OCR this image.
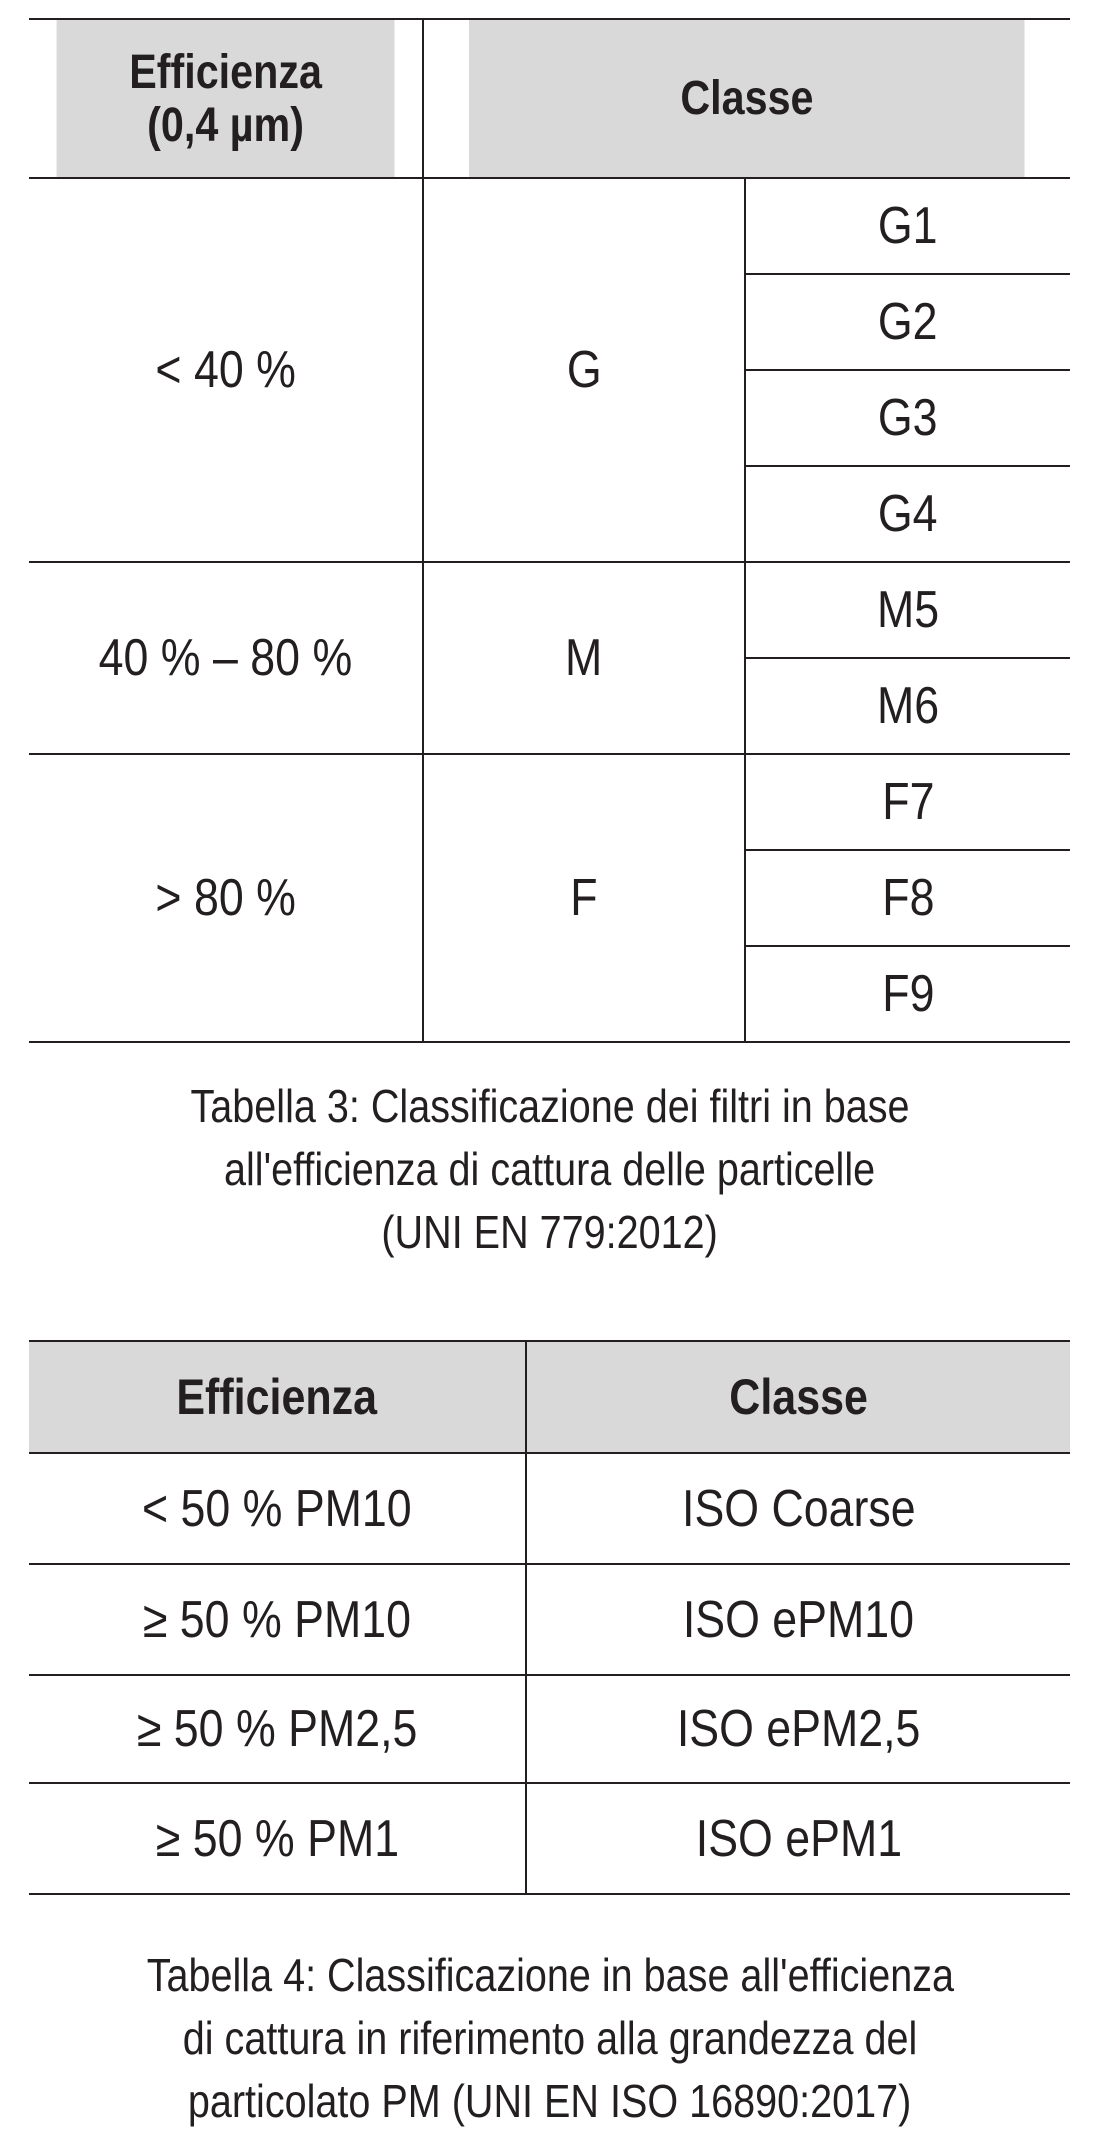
Efficienza
(0,4 µm)	Classe	
< 40 %	G	G1
		G2
		G3
		G4
40 % – 80 %	M	M5
		M6
> 80 %	F	F7
		F8
		F9
Tabella 3: Classificazione dei filtri in base
all'efficienza di cattura delle particelle
(UNI EN 779:2012)
Efficienza	Classe
< 50 % PM10	ISO Coarse
≥ 50 % PM10	ISO ePM10
≥ 50 % PM2,5	ISO ePM2,5
≥ 50 % PM1	ISO ePM1
Tabella 4: Classificazione in base all'efficienza
di cattura in riferimento alla grandezza del
particolato PM (UNI EN ISO 16890:2017)
